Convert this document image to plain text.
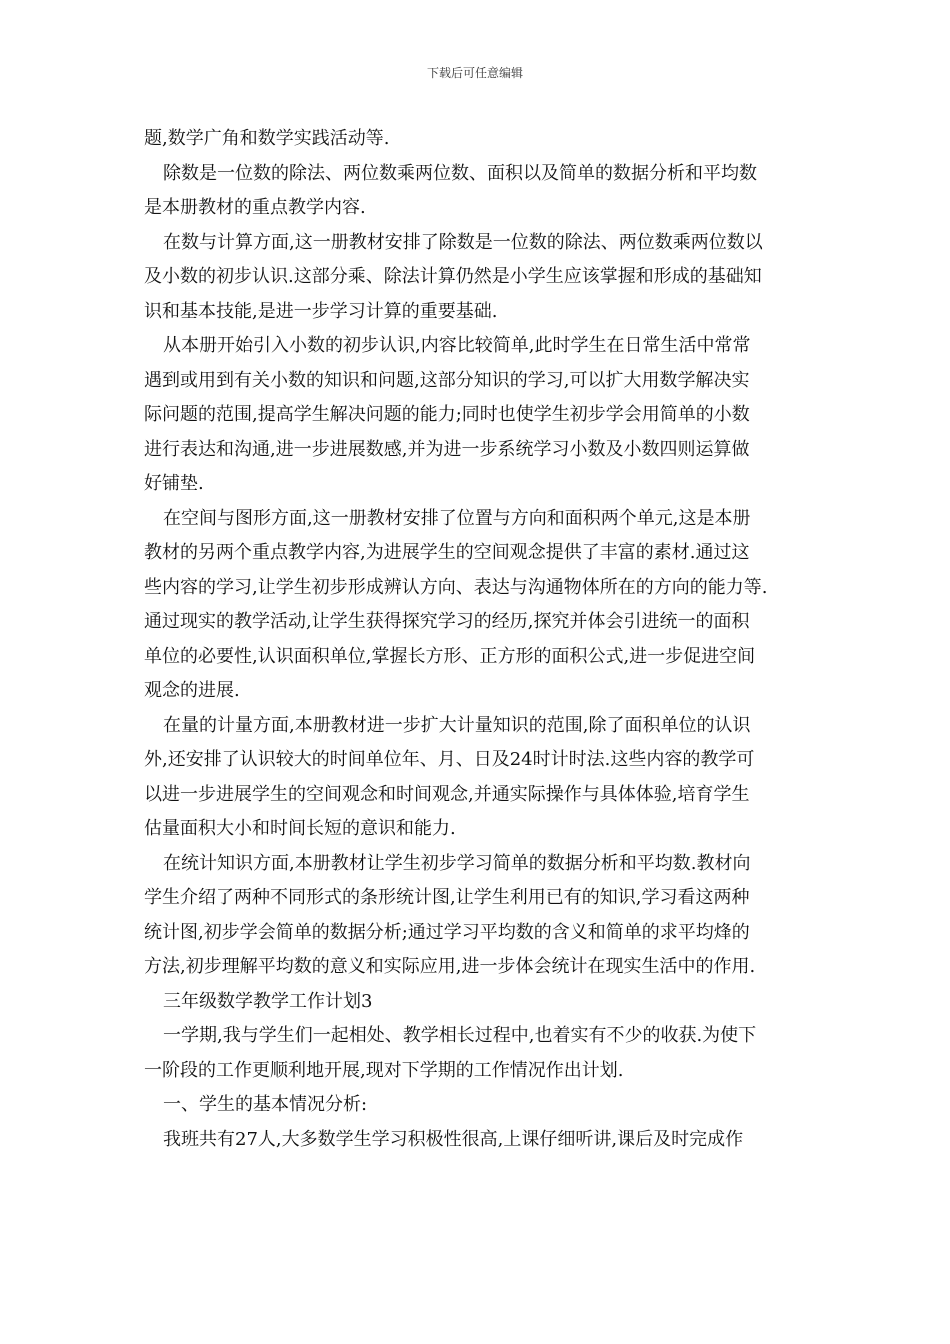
下载后可任意编辑
题,数学广角和数学实践活动等.
除数是一位数的除法、两位数乘两位数、面积以及简单的数据分析和平均数
是本册教材的重点教学内容.
在数与计算方面,这一册教材安排了除数是一位数的除法、两位数乘两位数以
及小数的初步认识.这部分乘、除法计算仍然是小学生应该掌握和形成的基础知
识和基本技能,是进一步学习计算的重要基础.
从本册开始引入小数的初步认识,内容比较简单,此时学生在日常生活中常常
遇到或用到有关小数的知识和问题,这部分知识的学习,可以扩大用数学解决实
际问题的范围,提高学生解决问题的能力;同时也使学生初步学会用简单的小数
进行表达和沟通,进一步进展数感,并为进一步系统学习小数及小数四则运算做
好铺垫.
在空间与图形方面,这一册教材安排了位置与方向和面积两个单元,这是本册
教材的另两个重点教学内容,为进展学生的空间观念提供了丰富的素材.通过这
些内容的学习,让学生初步形成辨认方向、表达与沟通物体所在的方向的能力等.
通过现实的教学活动,让学生获得探究学习的经历,探究并体会引进统一的面积
单位的必要性,认识面积单位,掌握长方形、正方形的面积公式,进一步促进空间
观念的进展.
在量的计量方面,本册教材进一步扩大计量知识的范围,除了面积单位的认识
外,还安排了认识较大的时间单位年、月、日及24时计时法.这些内容的教学可
以进一步进展学生的空间观念和时间观念,并通实际操作与具体体验,培育学生
估量面积大小和时间长短的意识和能力.
在统计知识方面,本册教材让学生初步学习简单的数据分析和平均数.教材向
学生介绍了两种不同形式的条形统计图,让学生利用已有的知识,学习看这两种
统计图,初步学会简单的数据分析;通过学习平均数的含义和简单的求平均烽的
方法,初步理解平均数的意义和实际应用,进一步体会统计在现实生活中的作用.
三年级数学教学工作计划3
一学期,我与学生们一起相处、教学相长过程中,也着实有不少的收获.为使下
一阶段的工作更顺利地开展,现对下学期的工作情况作出计划.
一、学生的基本情况分析:
我班共有27人,大多数学生学习积极性很高,上课仔细听讲,课后及时完成作
